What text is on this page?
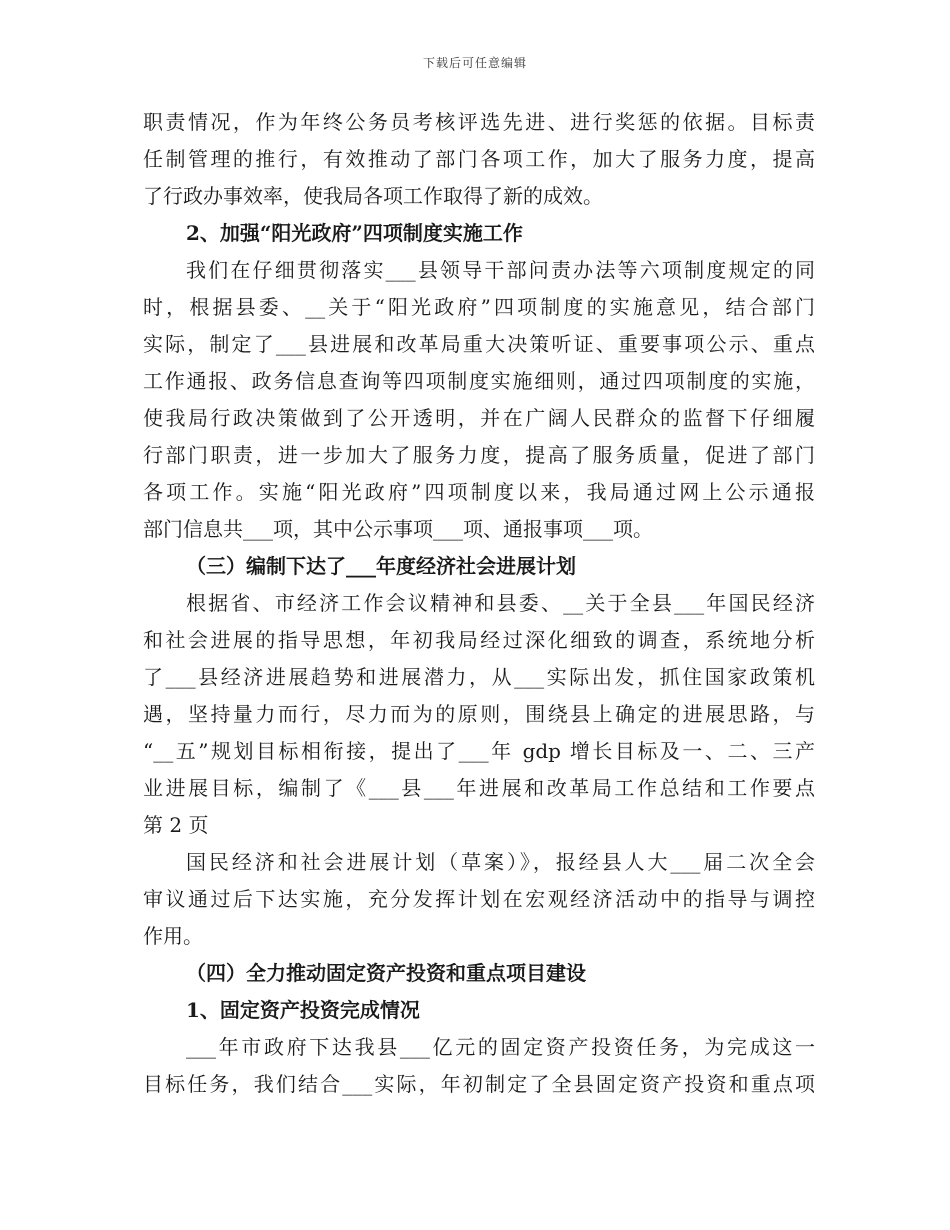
下载后可任意编辑
职责情况，作为年终公务员考核评选先进、进行奖惩的依据。目标责
任制管理的推行，有效推动了部门各项工作，加大了服务力度，提高
了行政办事效率，使我局各项工作取得了新的成效。
2、加强“阳光政府”四项制度实施工作
我们在仔细贯彻落实___县领导干部问责办法等六项制度规定的同
时，根据县委、__关于“阳光政府”四项制度的实施意见，结合部门
实际，制定了___县进展和改革局重大决策听证、重要事项公示、重点
工作通报、政务信息查询等四项制度实施细则，通过四项制度的实施，
使我局行政决策做到了公开透明，并在广阔人民群众的监督下仔细履
行部门职责，进一步加大了服务力度，提高了服务质量，促进了部门
各项工作。实施“阳光政府”四项制度以来，我局通过网上公示通报
部门信息共___项，其中公示事项___项、通报事项___项。
（三）编制下达了___年度经济社会进展计划
根据省、市经济工作会议精神和县委、__关于全县___年国民经济
和社会进展的指导思想，年初我局经过深化细致的调查，系统地分析
了___县经济进展趋势和进展潜力，从___实际出发，抓住国家政策机
遇，坚持量力而行，尽力而为的原则，围绕县上确定的进展思路，与
“__五”规划目标相衔接，提出了___年 gdp 增长目标及一、二、三产
业进展目标，编制了《___县___年进展和改革局工作总结和工作要点
第 2 页
国民经济和社会进展计划（草案）》，报经县人大___届二次全会
审议通过后下达实施，充分发挥计划在宏观经济活动中的指导与调控
作用。
（四）全力推动固定资产投资和重点项目建设
1、固定资产投资完成情况
___年市政府下达我县___亿元的固定资产投资任务，为完成这一
目标任务，我们结合___实际，年初制定了全县固定资产投资和重点项
